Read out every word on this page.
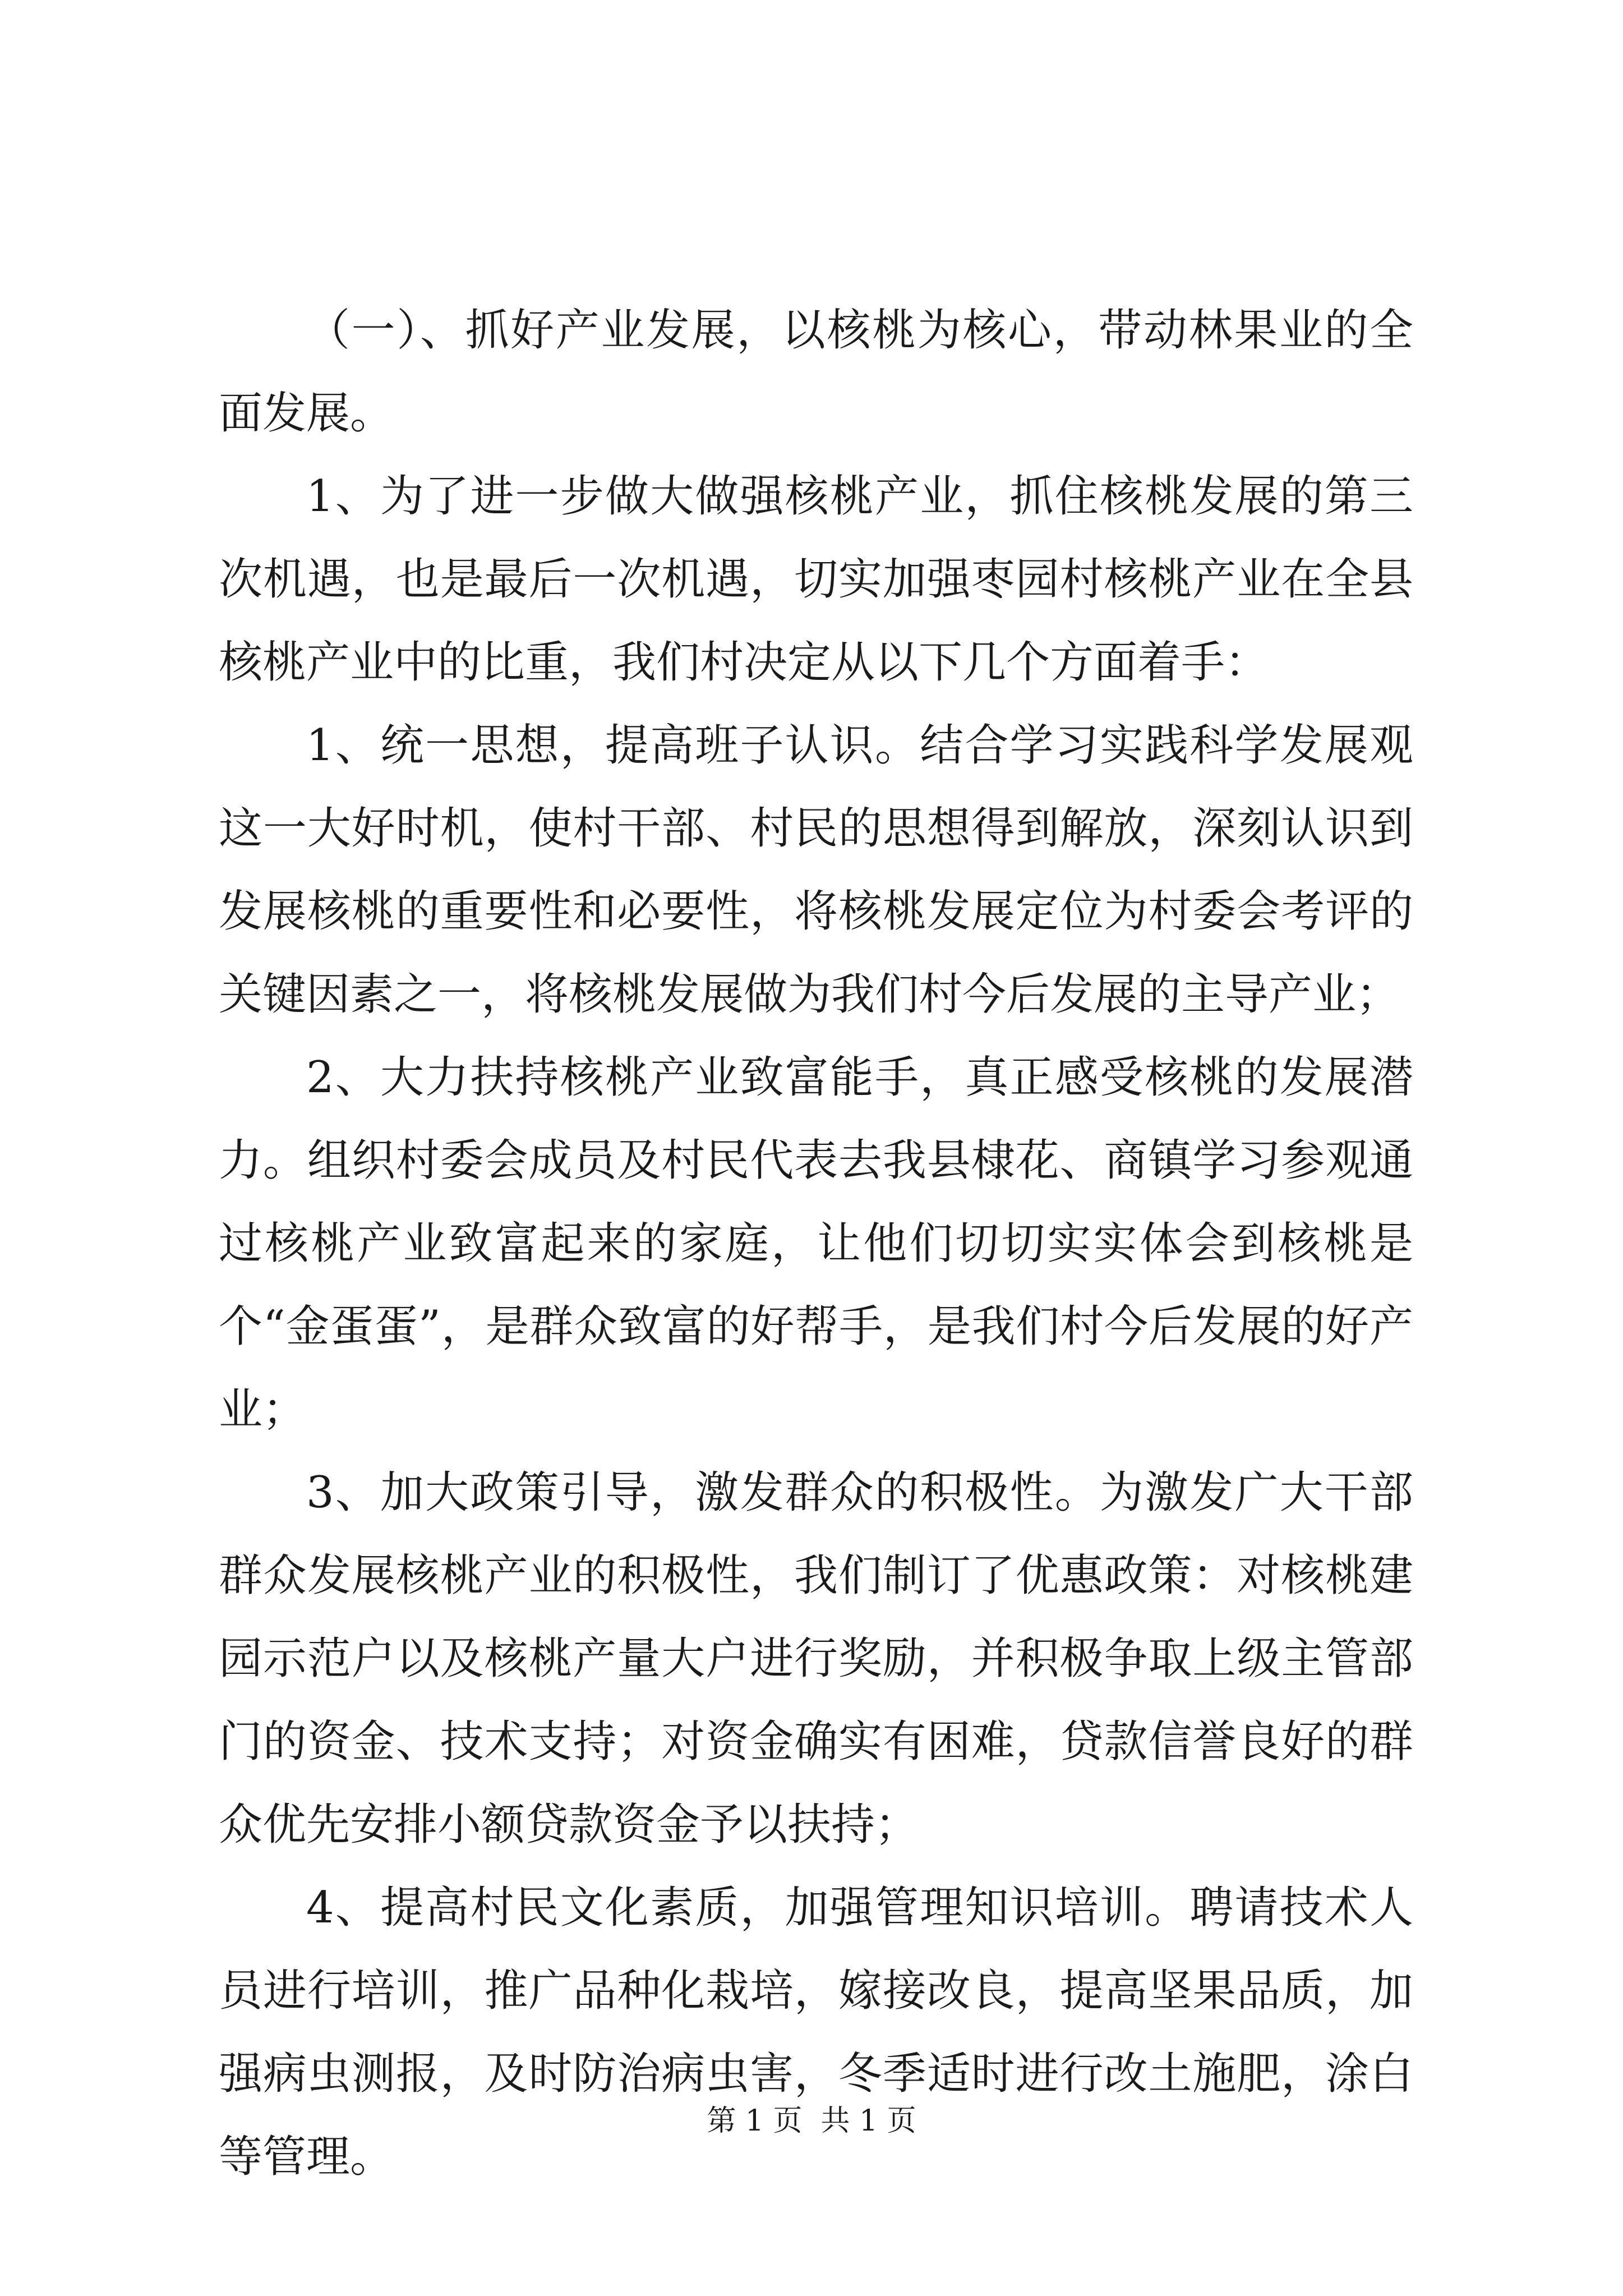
（一）、抓好产业发展，以核桃为核心，带动林果业的全面发展。

1、为了进一步做大做强核桃产业，抓住核桃发展的第三次机遇，也是最后一次机遇，切实加强枣园村核桃产业在全县核桃产业中的比重，我们村决定从以下几个方面着手：

1、统一思想，提高班子认识。结合学习实践科学发展观这一大好时机，使村干部、村民的思想得到解放，深刻认识到发展核桃的重要性和必要性，将核桃发展定位为村委会考评的关键因素之一，将核桃发展做为我们村今后发展的主导产业；

2、大力扶持核桃产业致富能手，真正感受核桃的发展潜力。组织村委会成员及村民代表去我县棣花、商镇学习参观通过核桃产业致富起来的家庭，让他们切切实实体会到核桃是个“金蛋蛋”，是群众致富的好帮手，是我们村今后发展的好产业；

3、加大政策引导，激发群众的积极性。为激发广大干部群众发展核桃产业的积极性，我们制订了优惠政策：对核桃建园示范户以及核桃产量大户进行奖励，并积极争取上级主管部门的资金、技术支持；对资金确实有困难，贷款信誉良好的群众优先安排小额贷款资金予以扶持；

4、提高村民文化素质，加强管理知识培训。聘请技术人员进行培训，推广品种化栽培，嫁接改良，提高坚果品质，加强病虫测报，及时防治病虫害，冬季适时进行改土施肥，涂白等管理。

第 1 页  共 1 页
